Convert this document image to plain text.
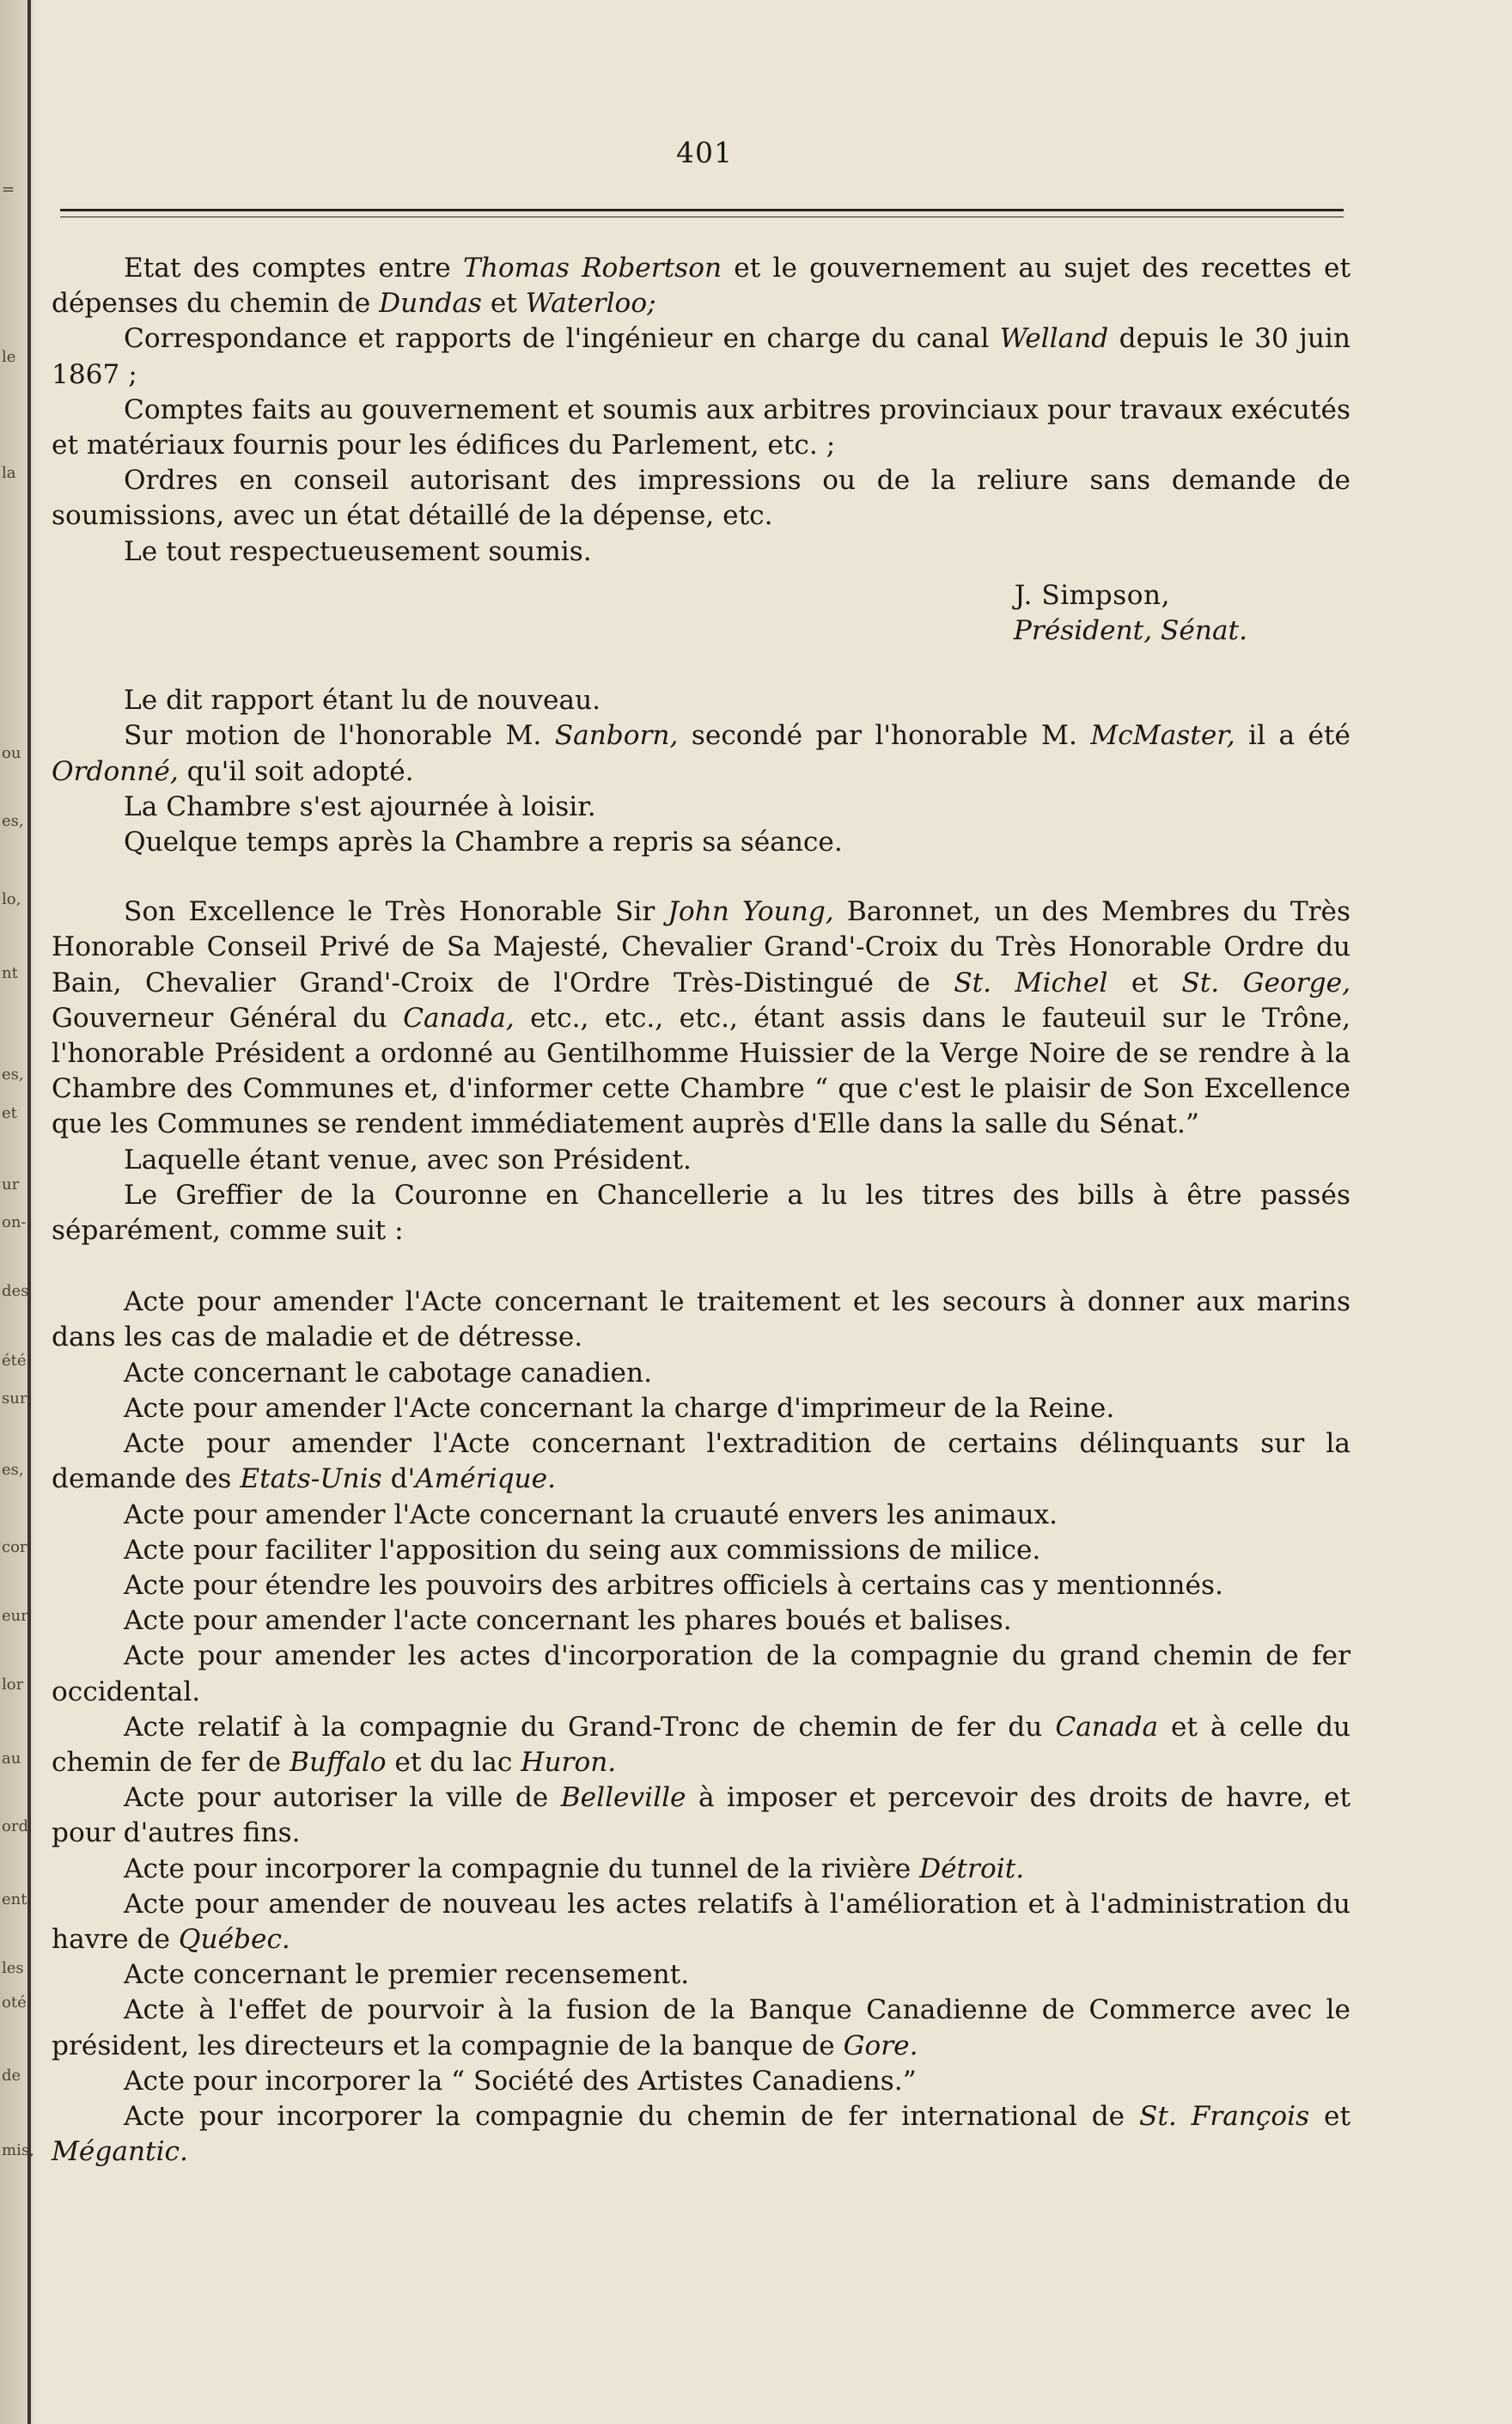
=
le
la
ou
es,
lo,
nt
es,
et
ur
on-
des
été
sur
es,
cor
eur
lor
au
ord
ent
les
oté
de
mis,
401

Etat des comptes entre Thomas Robertson et le gouvernement au sujet des recettes et dépenses du chemin de Dundas et Waterloo;

Correspondance et rapports de l'ingénieur en charge du canal Welland depuis le 30 juin 1867 ;

Comptes faits au gouvernement et soumis aux arbitres provinciaux pour travaux exécutés et matériaux fournis pour les édifices du Parlement, etc. ;

Ordres en conseil autorisant des impressions ou de la reliure sans demande de soumissions, avec un état détaillé de la dépense, etc.

Le tout respectueusement soumis.

J. Simpson,

Président, Sénat.

Le dit rapport étant lu de nouveau.

Sur motion de l'honorable M. Sanborn, secondé par l'honorable M. McMaster, il a été Ordonné, qu'il soit adopté.

La Chambre s'est ajournée à loisir.

Quelque temps après la Chambre a repris sa séance.

Son Excellence le Très Honorable Sir John Young, Baronnet, un des Membres du Très Honorable Conseil Privé de Sa Majesté, Chevalier Grand'-Croix du Très Honorable Ordre du Bain, Chevalier Grand'-Croix de l'Ordre Très-Distingué de St. Michel et St. George, Gouverneur Général du Canada, etc., etc., etc., étant assis dans le fauteuil sur le Trône, l'honorable Président a ordonné au Gentilhomme Huissier de la Verge Noire de se rendre à la Chambre des Communes et, d'informer cette Chambre “ que c'est le plaisir de Son Excellence que les Communes se rendent immédiatement auprès d'Elle dans la salle du Sénat.”

Laquelle étant venue, avec son Président.

Le Greffier de la Couronne en Chancellerie a lu les titres des bills à être passés séparément, comme suit :

Acte pour amender l'Acte concernant le traitement et les secours à donner aux marins dans les cas de maladie et de détresse.

Acte concernant le cabotage canadien.

Acte pour amender l'Acte concernant la charge d'imprimeur de la Reine.

Acte pour amender l'Acte concernant l'extradition de certains délinquants sur la demande des Etats-Unis d'Amérique.

Acte pour amender l'Acte concernant la cruauté envers les animaux.

Acte pour faciliter l'apposition du seing aux commissions de milice.

Acte pour étendre les pouvoirs des arbitres officiels à certains cas y mentionnés.

Acte pour amender l'acte concernant les phares boués et balises.

Acte pour amender les actes d'incorporation de la compagnie du grand chemin de fer occidental.

Acte relatif à la compagnie du Grand-Tronc de chemin de fer du Canada et à celle du chemin de fer de Buffalo et du lac Huron.

Acte pour autoriser la ville de Belleville à imposer et percevoir des droits de havre, et pour d'autres fins.

Acte pour incorporer la compagnie du tunnel de la rivière Détroit.

Acte pour amender de nouveau les actes relatifs à l'amélioration et à l'administration du havre de Québec.

Acte concernant le premier recensement.

Acte à l'effet de pourvoir à la fusion de la Banque Canadienne de Commerce avec le président, les directeurs et la compagnie de la banque de Gore.

Acte pour incorporer la “ Société des Artistes Canadiens.”

Acte pour incorporer la compagnie du chemin de fer international de St. François et Mégantic.
